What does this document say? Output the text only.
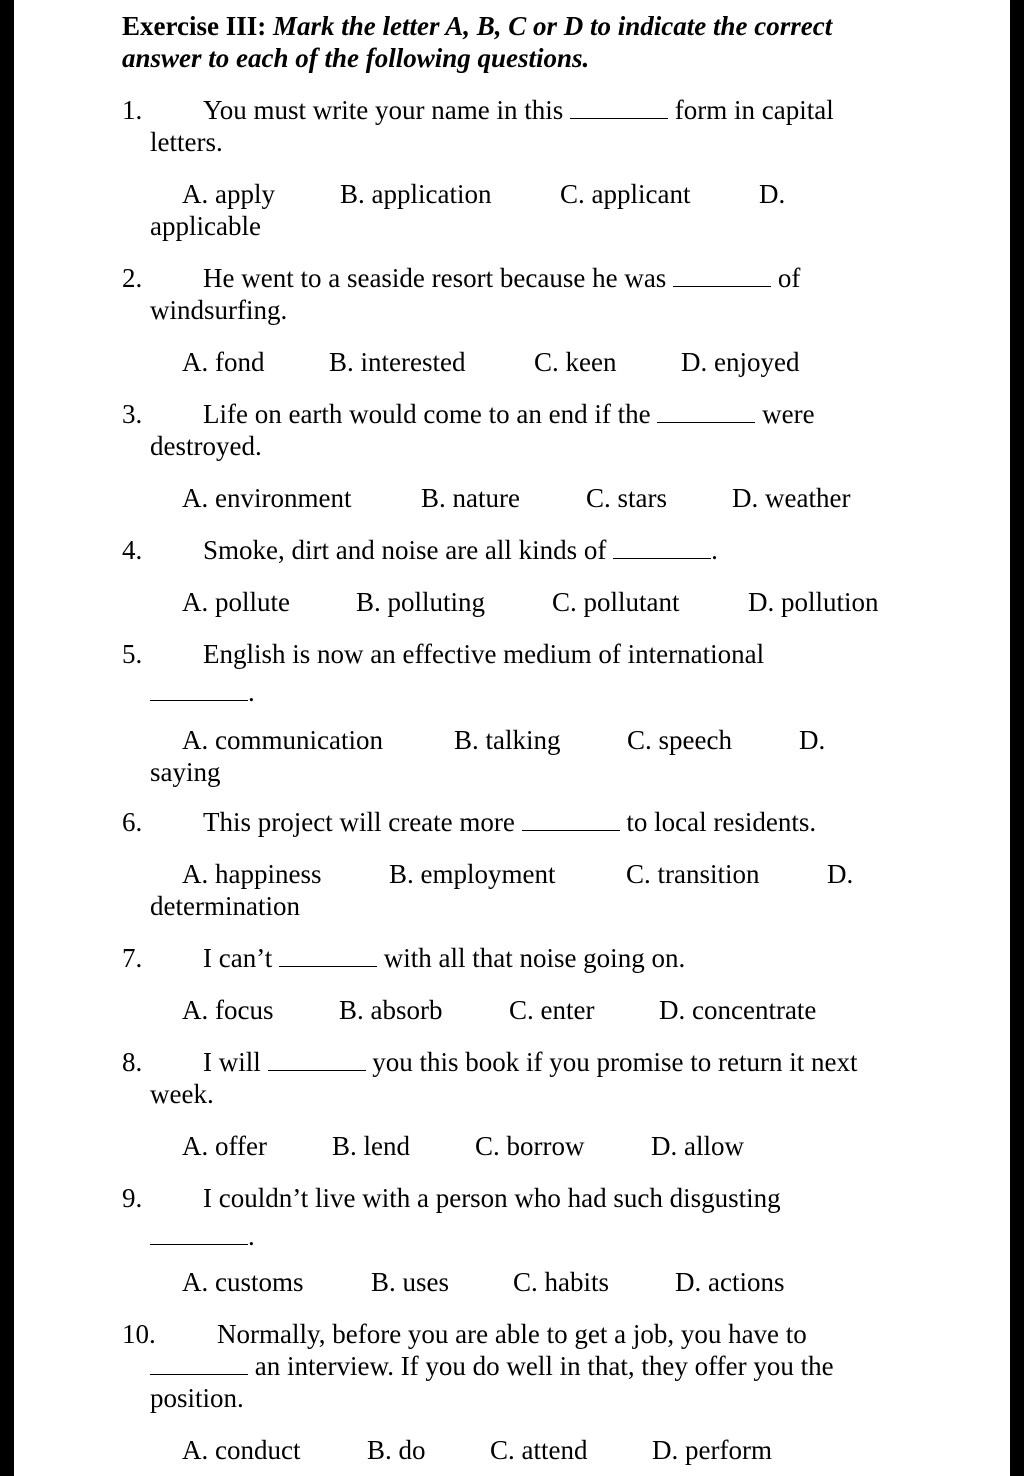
Exercise III: Mark the letter A, B, C or D to indicate the correct
answer to each of the following questions.
1. You must write your name in this	form in capital
letters.
A. apply B. application	C. applicant	D.
applicable
2. He went to a seaside resort because he was	of
windsurfing.
A. fond B. interested	C. keen D. enjoyed
3. Life on earth would come to an end if the	were
destroyed.
A. environment	B. nature C. stars D. weather
4. Smoke, dirt and noise are all kinds of	.
A. pollute B. polluting C. pollutant	D. pollution
5. English is now an effective medium of international
.
A. communication	B. talking C. speech D.
saying
6. This project will create more	to local residents.
A. happiness	B. employment	C. transition	D.
determination
7. I can’t	with all that noise going on.
A. focus B. absorb C. enter D. concentrate
8. I will	you this book if you promise to return it next
week.
A. offer B. lend C. borrow D. allow
9. I couldn’t live with a person who had such disgusting
.
A. customs	B. uses C. habits D. actions
10. Normally, before you are able to get a job, you have to
an interview. If you do well in that, they offer you the
position.
A. conduct B. do C. attend D. perform
